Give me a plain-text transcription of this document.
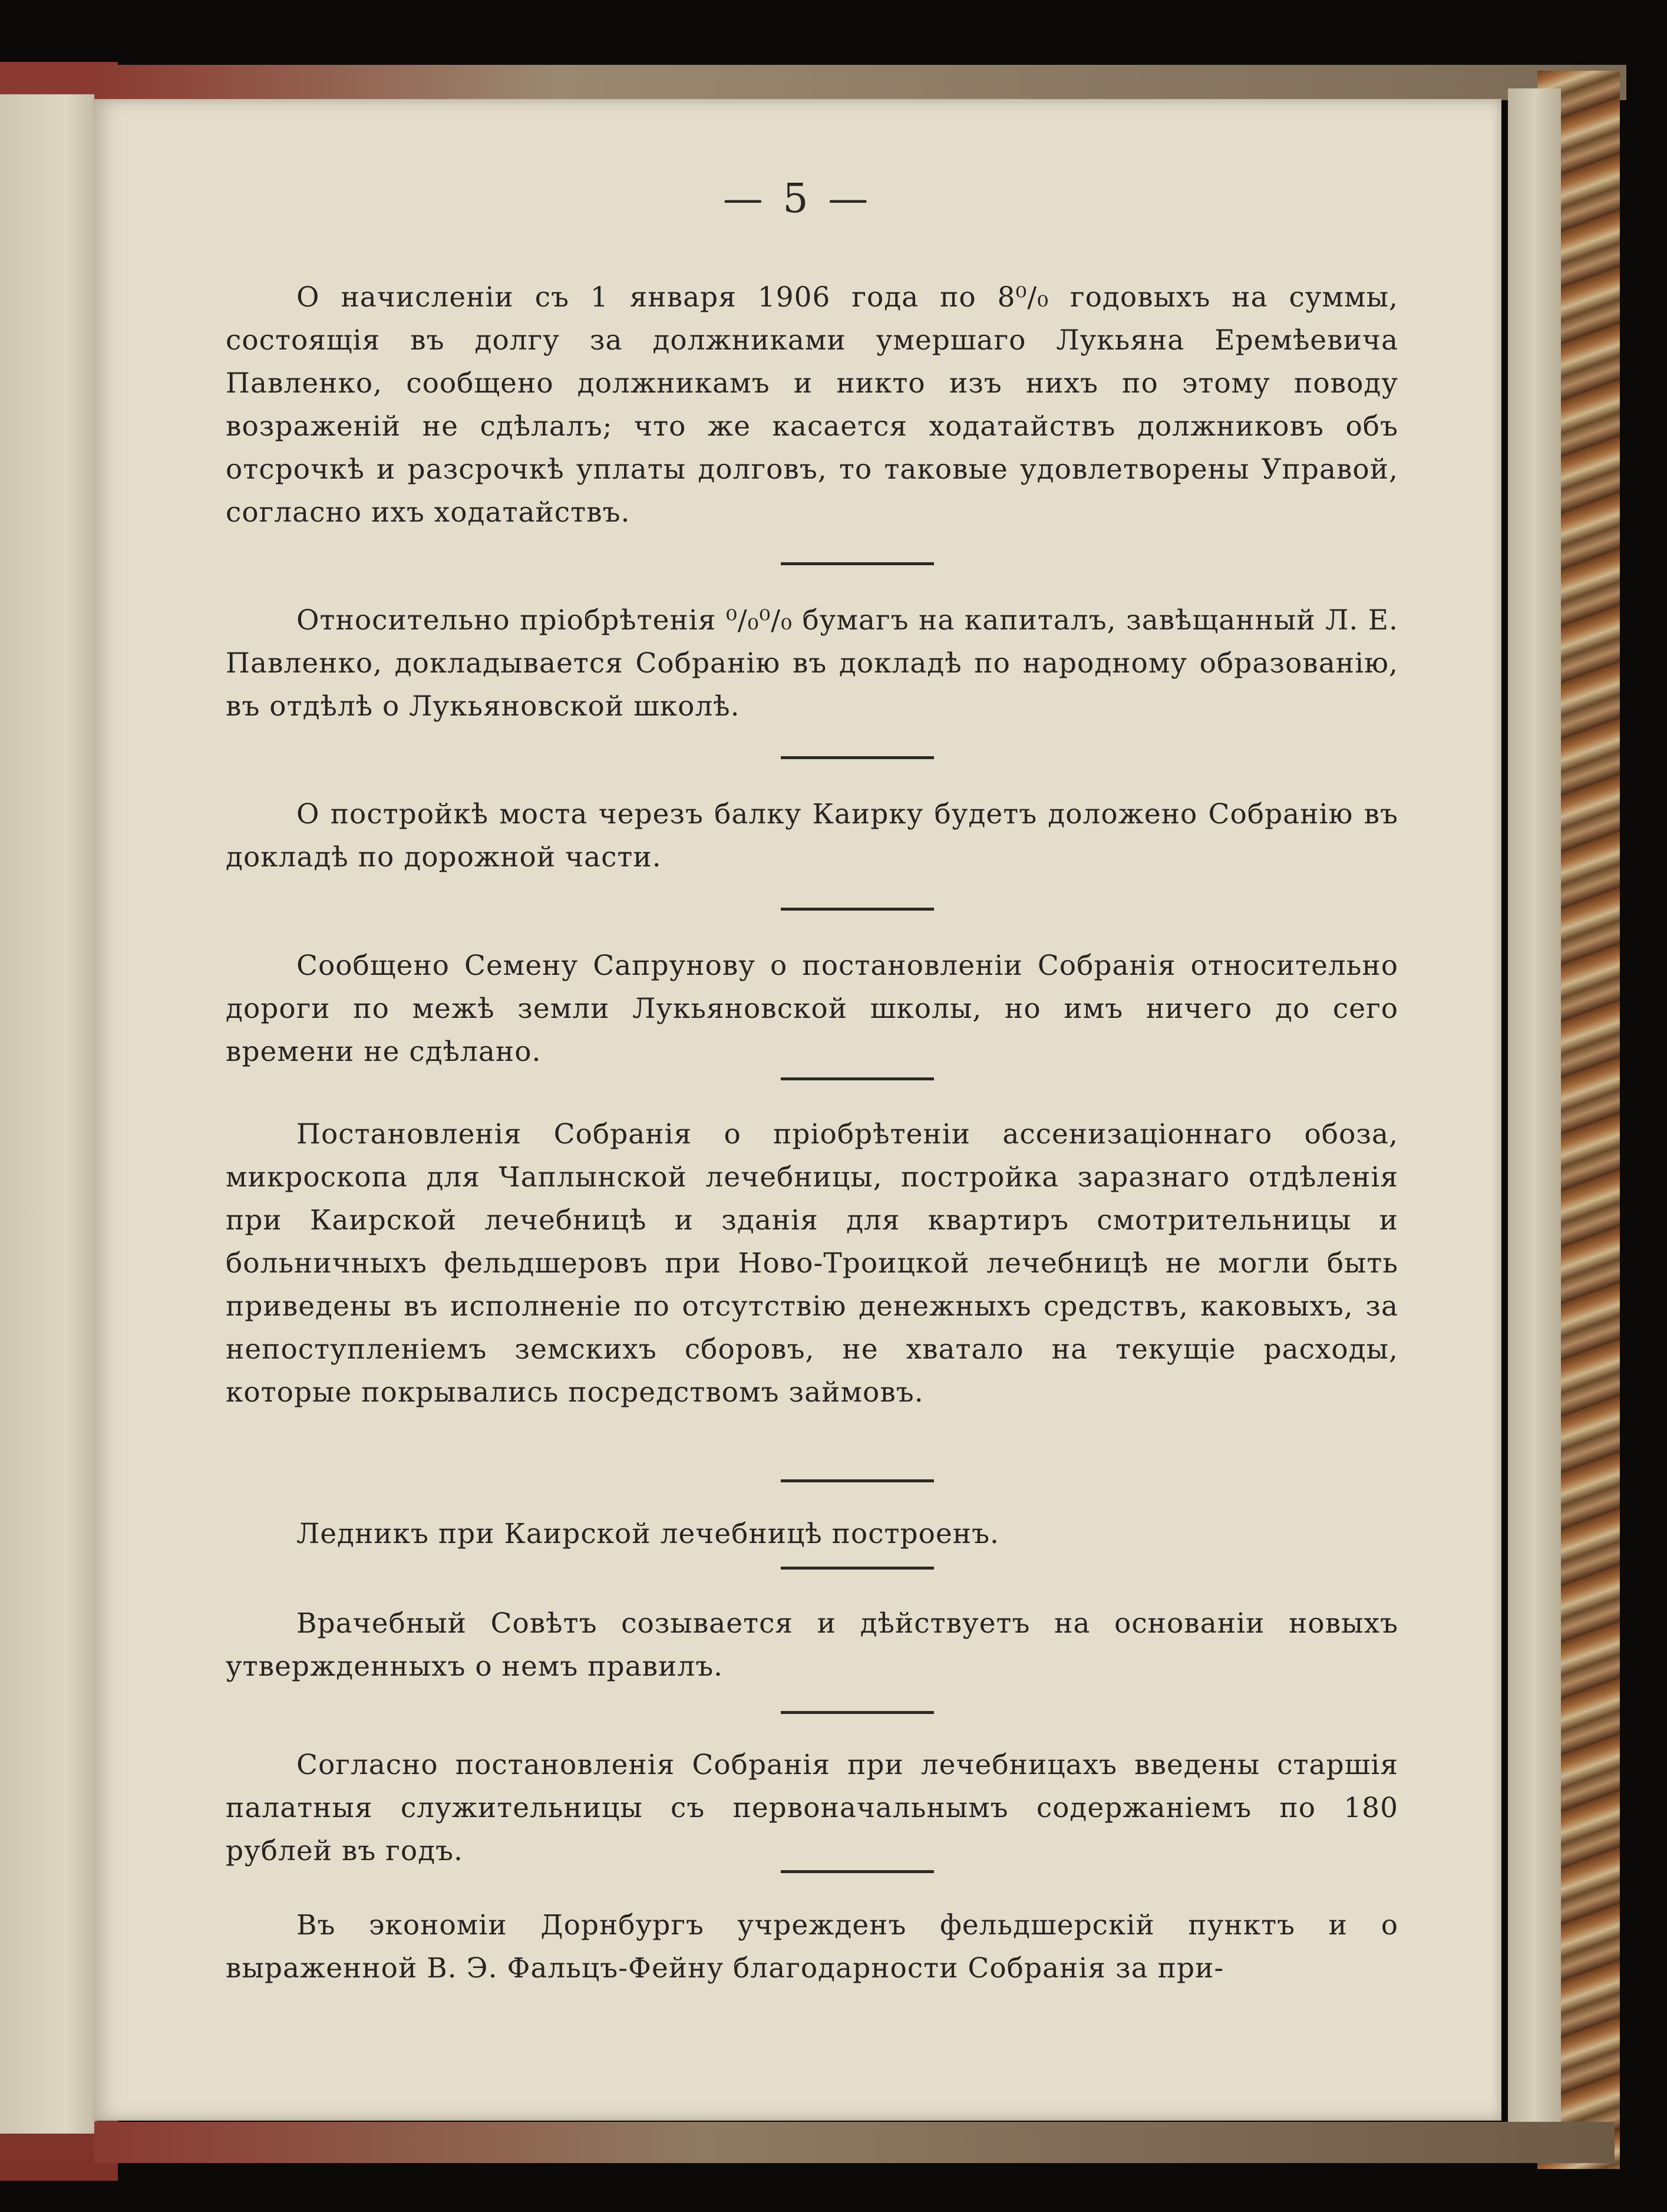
— 5 —
О начисленіи съ 1 января 1906 года по 8⁰/₀ годовыхъ на суммы, состоящія въ долгу за должниками умершаго Лукьяна Еремѣевича Павленко, сообщено должникамъ и никто изъ нихъ по этому поводу возраженій не сдѣлалъ; что же касается ходатайствъ должниковъ объ отсрочкѣ и разсрочкѣ уплаты долговъ, то таковые удовлетворены Управой, согласно ихъ ходатайствъ.
Относительно пріобрѣтенія ⁰/₀⁰/₀ бумагъ на капиталъ, завѣщанный Л. Е. Павленко, докладывается Собранію въ докладѣ по народному образованію, въ отдѣлѣ о Лукьяновской школѣ.
О постройкѣ моста черезъ балку Каирку будетъ доложено Собранію въ докладѣ по дорожной части.
Сообщено Семену Сапрунову о постановленіи Собранія относительно дороги по межѣ земли Лукьяновской школы, но имъ ничего до сего времени не сдѣлано.
Постановленія Собранія о пріобрѣтеніи ассенизаціоннаго обоза, микроскопа для Чаплынской лечебницы, постройка заразнаго отдѣленія при Каирской лечебницѣ и зданія для квартиръ смотрительницы и больничныхъ фельдшеровъ при Ново-Троицкой лечебницѣ не могли быть приведены въ исполненіе по отсутствію денежныхъ средствъ, каковыхъ, за непоступленіемъ земскихъ сборовъ, не хватало на текущіе расходы, которые покрывались посредствомъ займовъ.
Ледникъ при Каирской лечебницѣ построенъ.
Врачебный Совѣтъ созывается и дѣйствуетъ на основаніи новыхъ утвержденныхъ о немъ правилъ.
Согласно постановленія Собранія при лечебницахъ введены старшія палатныя служительницы съ первоначальнымъ содержаніемъ по 180 рублей въ годъ.
Въ экономіи Дорнбургъ учрежденъ фельдшерскій пунктъ и о выраженной В. Э. Фальцъ-Фейну благодарности Собранія за при-
